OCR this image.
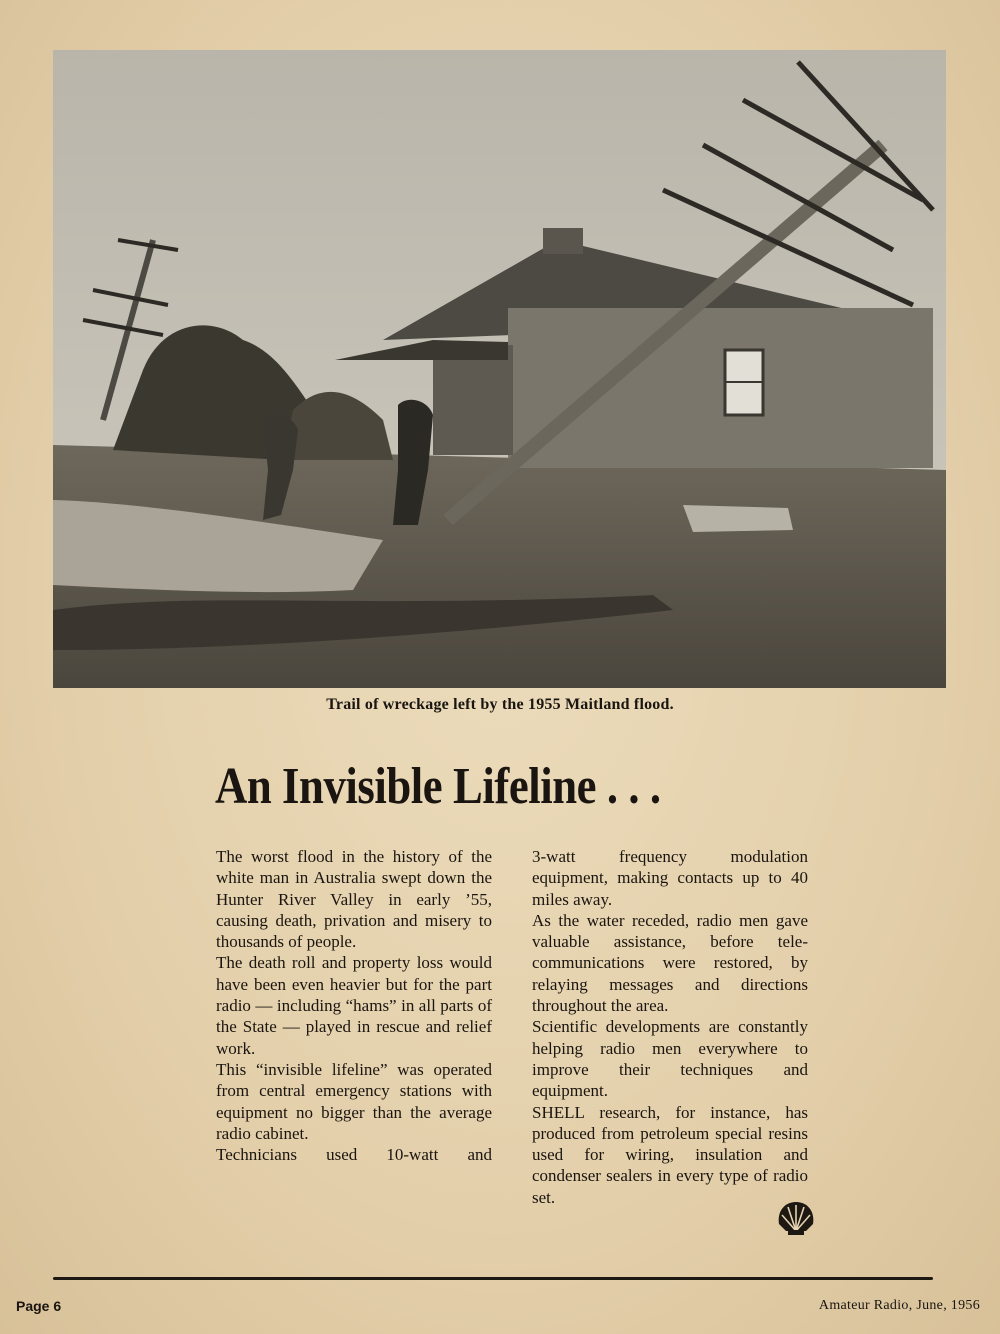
Trail of wreckage left by the 1955 Maitland flood.
An Invisible Lifeline . . .

The worst flood in the history of the white man in Australia swept down the Hunter River Valley in early ’55, causing death, privation and misery to thousands of people.

The death roll and property loss would have been even heavier but for the part radio — including “hams” in all parts of the State — played in rescue and relief work.

This “invisible lifeline” was operated from central emergency stations with equipment no bigger than the average radio cabinet.

Technicians used 10-watt and

3-watt frequency modulation equipment, making contacts up to 40 miles away.

As the water receded, radio men gave valuable assistance, before tele-communications were restored, by relaying messages and directions throughout the area.

Scientific developments are constantly helping radio men everywhere to improve their techniques and equipment.

SHELL research, for instance, has produced from petroleum special resins used for wiring, insulation and condenser sealers in every type of radio set.

Page 6	Amateur Radio, June, 1956
